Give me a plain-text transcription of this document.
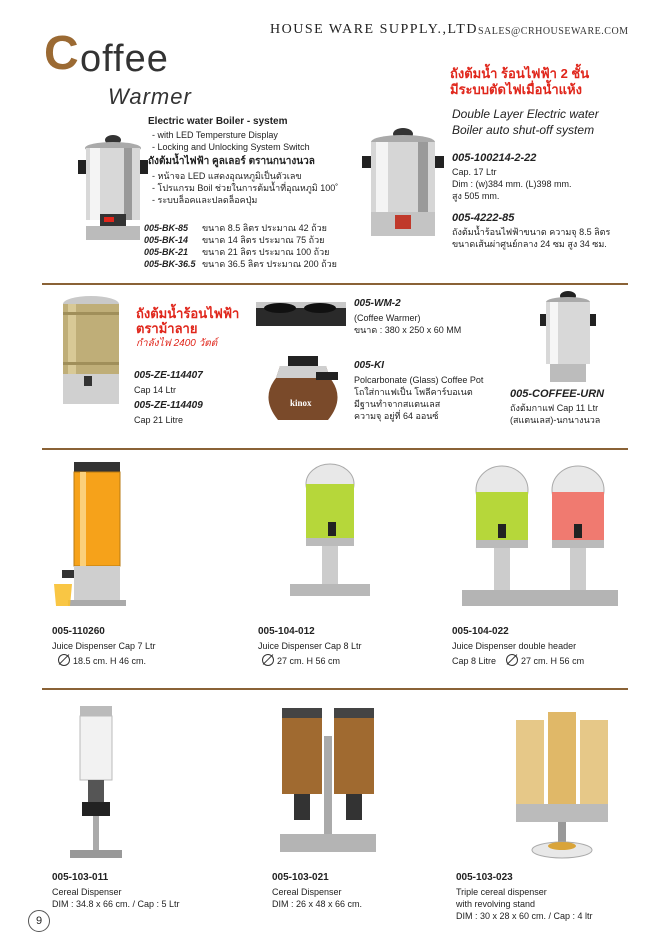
HOUSE WARE SUPPLY.,LTD SALES@CRHOUSEWARE.COM
C offee
Warmer
Electric water Boiler - system
- with LED Tempersture Display
- Locking and Unlocking System Switch
ถังต้มน้ำไฟฟ้า คูลเลอร์ ตรานกนางนวล
- หน้าจอ LED แสดงอุณหภูมิเป็นตัวเลข
- โปรแกรม Boil ช่วยในการต้มน้ำที่อุณหภูมิ 100˚
- ระบบล็อคและปลดล็อคปุ่ม
005-BK-85 ขนาด 8.5 ลิตร ประมาณ 42 ถ้วย
005-BK-14 ขนาด 14 ลิตร ประมาณ 75 ถ้วย
005-BK-21 ขนาด 21 ลิตร ประมาณ 100 ถ้วย
005-BK-36.5 ขนาด 36.5 ลิตร ประมาณ 200 ถ้วย
ถังต้มน้ำ ร้อนไฟฟ้า 2 ชั้น
มีระบบตัดไฟเมื่อน้ำแห้ง
Double Layer Electric water
Boiler auto shut-off system
005-100214-2-22
Cap. 17 Ltr
Dim : (w)384 mm. (L)398 mm.
สูง 505 mm.
005-4222-85
ถังต้มน้ำร้อนไฟฟ้าขนาด ความจุ 8.5 ลิตร
ขนาดเส้นผ่าศูนย์กลาง 24 ซม สูง 34 ซม.
ถังต้มน้ำร้อนไฟฟ้า
ตราม้าลาย
กำลังไฟ 2400 วัตต์
005-ZE-114407
Cap 14 Ltr
005-ZE-114409
Cap 21 Litre
005-WM-2
(Coffee Warmer)
ขนาด : 380 x 250 x 60 MM
kinox
005-KI
Polcarbonate (Glass) Coffee Pot
โถใส่กาแฟเป็น โพลีคาร์บอเนต
มีฐานทำจากสแตนเลส
ความจุ อยู่ที่ 64 ออนซ์
005-COFFEE-URN
ถังต้มกาแฟ Cap 11 Ltr
(สแตนเลส)-นกนางนวล
005-110260
Juice Dispenser Cap 7 Ltr
18.5 cm. H 46 cm.
005-104-012
Juice Dispenser Cap 8 Ltr
27 cm. H 56 cm
005-104-022
Juice Dispenser double header
Cap 8 Litre	27 cm. H 56 cm
005-103-011
Cereal Dispenser
DIM : 34.8 x 66 cm. / Cap : 5 Ltr
005-103-021
Cereal Dispenser
DIM : 26 x 48 x 66 cm.
005-103-023
Triple cereal dispenser
with revolving stand
DIM : 30 x 28 x 60 cm. / Cap : 4 ltr
9
